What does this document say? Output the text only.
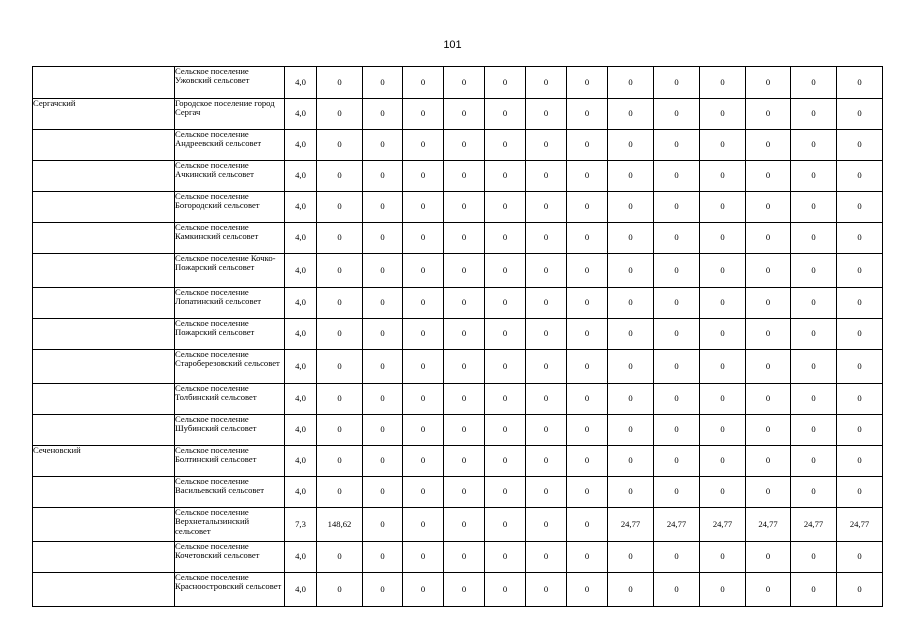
101
	Сельское поселение Ужовский сельсовет	4,0	0	0	0	0	0	0	0	0	0	0	0	0	0
Сергачский	Городское поселение город Сергач	4,0	0	0	0	0	0	0	0	0	0	0	0	0	0
	Сельское поселение Андреевский сельсовет	4,0	0	0	0	0	0	0	0	0	0	0	0	0	0
	Сельское поселение Ачкинский сельсовет	4,0	0	0	0	0	0	0	0	0	0	0	0	0	0
	Сельское поселение Богородский сельсовет	4,0	0	0	0	0	0	0	0	0	0	0	0	0	0
	Сельское поселение Камкинский сельсовет	4,0	0	0	0	0	0	0	0	0	0	0	0	0	0
	Сельское поселение Кочко-Пожарский сельсовет	4,0	0	0	0	0	0	0	0	0	0	0	0	0	0
	Сельское поселение Лопатинский сельсовет	4,0	0	0	0	0	0	0	0	0	0	0	0	0	0
	Сельское поселение Пожарский сельсовет	4,0	0	0	0	0	0	0	0	0	0	0	0	0	0
	Сельское поселение Староберезовский сельсовет	4,0	0	0	0	0	0	0	0	0	0	0	0	0	0
	Сельское поселение Толбинский сельсовет	4,0	0	0	0	0	0	0	0	0	0	0	0	0	0
	Сельское поселение Шубинский сельсовет	4,0	0	0	0	0	0	0	0	0	0	0	0	0	0
Сеченовский	Сельское поселение Болтинский сельсовет	4,0	0	0	0	0	0	0	0	0	0	0	0	0	0
	Сельское поселение Васильевский сельсовет	4,0	0	0	0	0	0	0	0	0	0	0	0	0	0
	Сельское поселение Верхнеталызинский сельсовет	7,3	148,62	0	0	0	0	0	0	24,77	24,77	24,77	24,77	24,77	24,77
	Сельское поселение Кочетовский сельсовет	4,0	0	0	0	0	0	0	0	0	0	0	0	0	0
	Сельское поселение Красноостровский сельсовет	4,0	0	0	0	0	0	0	0	0	0	0	0	0	0
